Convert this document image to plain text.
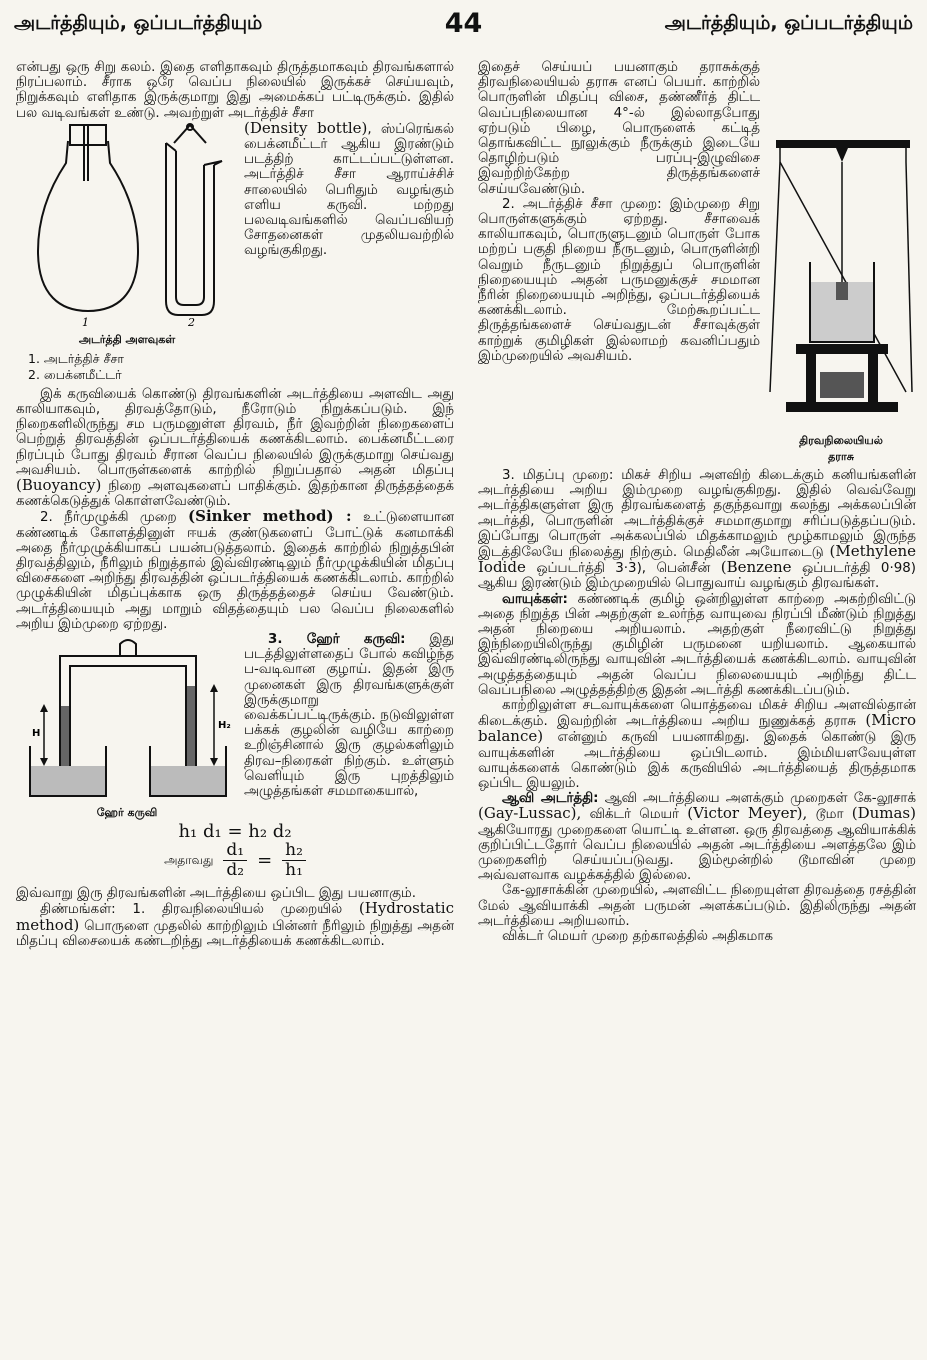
அடர்த்தியும், ஒப்படர்த்தியும்	44	அடர்த்தியும், ஒப்படர்த்தியும்

என்பது ஒரு சிறு கலம். இதை எளிதாகவும் திருத்தமாகவும் திரவங்களால் நிரப்பலாம். சீராக ஒரே வெப்ப நிலையில் இருக்கச் செய்யவும், நிறுக்கவும் எளிதாக இருக்குமாறு இது அமைக்கப் பட்டிருக்கும். இதில் பல வடிவங்கள் உண்டு. அவற்றுள் அடர்த்திச் சீசா

1	2
அடர்த்தி அளவுகள்
1. அடர்த்திச் சீசா
2. பைக்னமீட்டர்

(Density bottle), ஸ்ப்ரெங்கல் பைக்னமீட்டர் ஆகிய இரண்டும் படத்திற் காட்டப்பட்டுள்ளன. அடர்த்திச் சீசா ஆராய்ச்சிச் சாலையில் பெரிதும் வழங்கும் எளிய கருவி. மற்றது பலவடிவங்களில் வெப்பவியற் சோதனைகள் முதலியவற்றில் வழங்குகிறது.

இக் கருவியைக் கொண்டு திரவங்களின் அடர்த்தியை அளவிட அது காலியாகவும், திரவத்தோடும், நீரோடும் நிறுக்கப்படும். இந் நிறைகளிலிருந்து சம பருமனுள்ள திரவம், நீர் இவற்றின் நிறைகளைப் பெற்றுத் திரவத்தின் ஒப்படர்த்தியைக் கணக்கிடலாம். பைக்னமீட்டரை நிரப்பும் போது திரவம் சீரான வெப்ப நிலையில் இருக்குமாறு செய்வது அவசியம். பொருள்களைக் காற்றில் நிறுப்பதால் அதன் மிதப்பு (Buoyancy) நிறை அளவுகளைப் பாதிக்கும். இதற்கான திருத்தத்தைக் கணக்கெடுத்துக் கொள்ளவேண்டும்.

2. நீர்முழுக்கி முறை (Sinker method) : உட்டுளையான கண்ணடிக் கோளத்தினுள் ஈயக் குண்டுகளைப் போட்டுக் கனமாக்கி அதை நீர்முழுக்கியாகப் பயன்படுத்தலாம். இதைக் காற்றில் நிறுத்தபின் திரவத்திலும், நீரிலும் நிறுத்தால் இவ்விரண்டிலும் நீர்முழுக்கியின் மிதப்பு விசைகளை அறிந்து திரவத்தின் ஒப்படர்த்தியைக் கணக்கிடலாம். காற்றில் முழுக்கியின் மிதப்புக்காக ஒரு திருத்தத்தைச் செய்ய வேண்டும். அடர்த்தியையும் அது மாறும் விதத்தையும் பல வெப்ப நிலைகளில் அறிய இம்முறை ஏற்றது.

H
H₂
ஹேர் கருவி

3. ஹேர் கருவி: இது படத்திலுள்ளதைப் போல் கவிழ்ந்த ப-வடிவான குழாய். இதன் இரு முனைகள் இரு திரவங்களுக்குள் இருக்குமாறு வைக்கப்பட்டிருக்கும். நடுவிலுள்ள பக்கக் குழலின் வழியே காற்றை உறிஞ்சினால் இரு குழல்களிலும் திரவ–நிரைகள் நிற்கும். உள்ளும் வெளியும் இரு புறத்திலும் அழுத்தங்கள் சமமாகையால்,

h₁ d₁ = h₂ d₂
அதாவது $\frac{\text{d₁}}{\text{d₂}} = \frac{\text{h₂}}{\text{h₁}}$

இவ்வாறு இரு திரவங்களின் அடர்த்தியை ஒப்பிட இது பயனாகும்.

திண்மங்கள்: 1. திரவநிலையியல் முறையில் (Hydrostatic method) பொருளை முதலில் காற்றிலும் பின்னர் நீரிலும் நிறுத்து அதன் மிதப்பு விசையைக் கண்டறிந்து அடர்த்தியைக் கணக்கிடலாம்.

திரவநிலையியல்
தராசு

இதைச் செய்யப் பயனாகும் தராசுக்குத் திரவநிலையியல் தராசு எனப் பெயர். காற்றில் பொருளின் மிதப்பு விசை, தண்ணீர்த் திட்ட வெப்பநிலையான 4°-ல் இல்லாதபோது ஏற்படும் பிழை, பொருளைக் கட்டித் தொங்கவிட்ட நூலுக்கும் நீருக்கும் இடையே தொழிற்படும் பரப்பு-இழுவிசை இவற்றிற்கேற்ற திருத்தங்களைச் செய்யவேண்டும்.

2. அடர்த்திச் சீசா முறை: இம்முறை சிறு பொருள்களுக்கும் ஏற்றது. சீசாவைக் காலியாகவும், பொருளுடனும் பொருள் போக மற்றப் பகுதி நிறைய நீருடனும், பொருளின்றி வெறும் நீருடனும் நிறுத்துப் பொருளின் நிறையையும் அதன் பருமனுக்குச் சமமான நீரின் நிறையையும் அறிந்து, ஒப்படர்த்தியைக் கணக்கிடலாம். மேற்கூறப்பட்ட திருத்தங்களைச் செய்வதுடன் சீசாவுக்குள் காற்றுக் குமிழிகள் இல்லாமற் கவனிப்பதும் இம்முறையில் அவசியம்.

3. மிதப்பு முறை: மிகச் சிறிய அளவிற் கிடைக்கும் கனியங்களின் அடர்த்தியை அறிய இம்முறை வழங்குகிறது. இதில் வெவ்வேறு அடர்த்திகளுள்ள இரு திரவங்களைத் தகுந்தவாறு கலந்து அக்கலப்பின் அடர்த்தி, பொருளின் அடர்த்திக்குச் சமமாகுமாறு சரிப்படுத்தப்படும். இப்போது பொருள் அக்கலப்பில் மிதக்காமலும் மூழ்காமலும் இருந்த இடத்திலேயே நிலைத்து நிற்கும். மெதிலீன் அயோடைடு (Methylene Iodide ஒப்படர்த்தி 3·3), பென்சீன் (Benzene ஒப்படர்த்தி 0·98) ஆகிய இரண்டும் இம்முறையில் பொதுவாய் வழங்கும் திரவங்கள்.

வாயுக்கள்: கண்ணடிக் குமிழ் ஒன்றிலுள்ள காற்றை அகற்றிவிட்டு அதை நிறுத்த பின் அதற்குள் உலர்ந்த வாயுவை நிரப்பி மீண்டும் நிறுத்து அதன் நிறையை அறியலாம். அதற்குள் நீரைவிட்டு நிறுத்து இந்நிறையிலிருந்து குமிழின் பருமனை யறியலாம். ஆகையால் இவ்விரண்டிலிருந்து வாயுவின் அடர்த்தியைக் கணக்கிடலாம். வாயுவின் அழுத்தத்தையும் அதன் வெப்ப நிலையையும் அறிந்து திட்ட வெப்பநிலை அழுத்தத்திற்கு இதன் அடர்த்தி கணக்கிடப்படும்.

காற்றிலுள்ள சடவாயுக்களை யொத்தவை மிகச் சிறிய அளவில்தான் கிடைக்கும். இவற்றின் அடர்த்தியை அறிய நுணுக்கத் தராசு (Micro balance) என்னும் கருவி பயனாகிறது. இதைக் கொண்டு இரு வாயுக்களின் அடர்த்தியை ஒப்பிடலாம். இம்மியளவேயுள்ள வாயுக்களைக் கொண்டும் இக் கருவியில் அடர்த்தியைத் திருத்தமாக ஒப்பிட இயலும்.

ஆவி அடர்த்தி: ஆவி அடர்த்தியை அளக்கும் முறைகள் கே-லூசாக் (Gay-Lussac), விக்டர் மெயர் (Victor Meyer), டூமா (Dumas) ஆகியோரது முறைகளை யொட்டி உள்ளன. ஒரு திரவத்தை ஆவியாக்கிக் குறிப்பிட்டதோர் வெப்ப நிலையில் அதன் அடர்த்தியை அளத்தலே இம் முறைகளிற் செய்யப்படுவது. இம்மூன்றில் டூமாவின் முறை அவ்வளவாக வழக்கத்தில் இல்லை.

கே-லூசாக்கின் முறையில், அளவிட்ட நிறையுள்ள திரவத்தை ரசத்தின் மேல் ஆவியாக்கி அதன் பருமன் அளக்கப்படும். இதிலிருந்து அதன் அடர்த்தியை அறியலாம்.

விக்டர் மெயர் முறை தற்காலத்தில் அதிகமாக
